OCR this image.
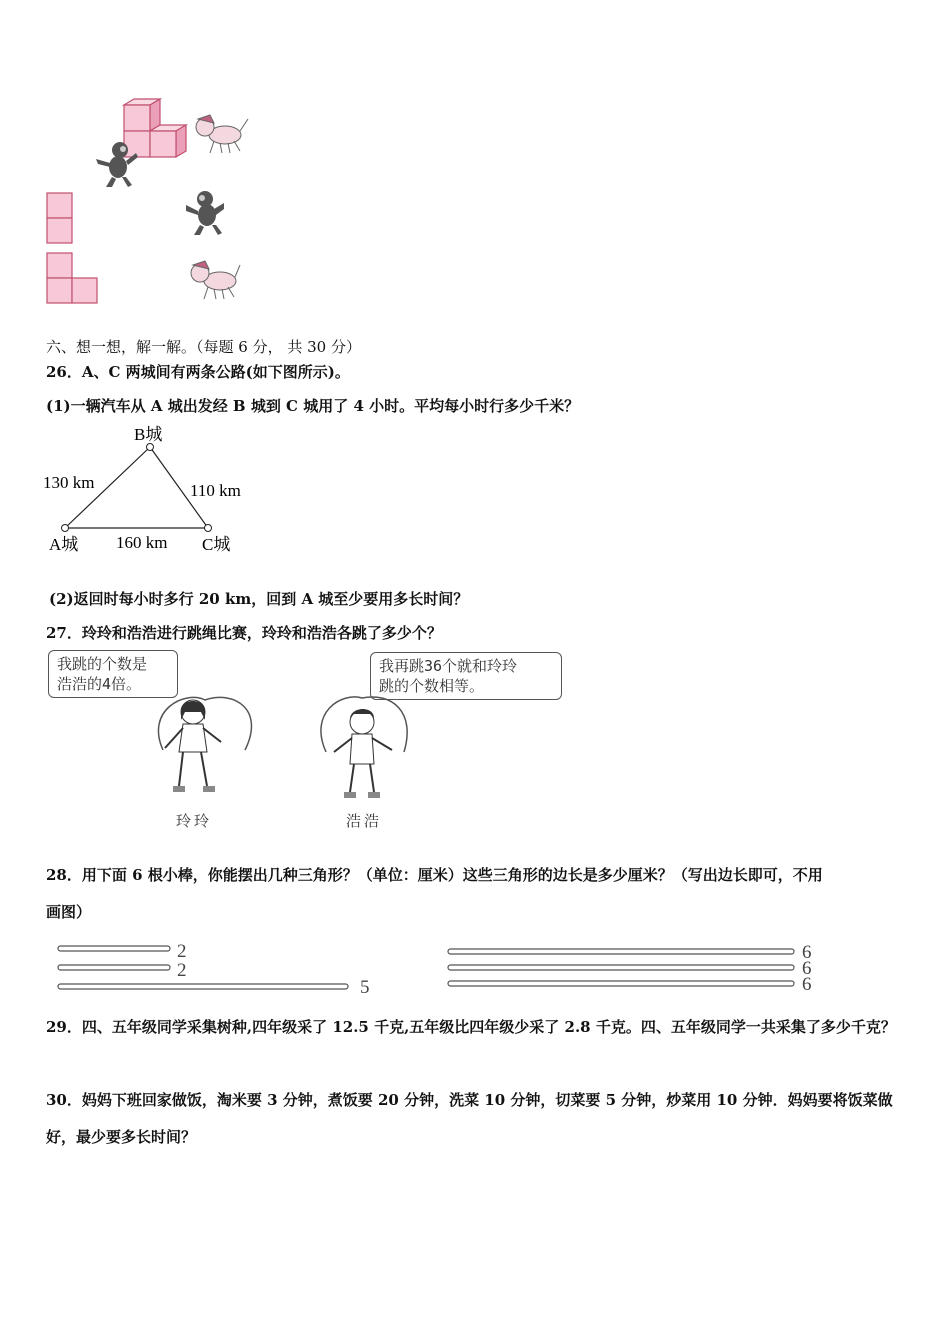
六、想一想，解一解。（每题 6 分， 共 30 分）
26．A、C 两城间有两条公路(如下图所示)。
(1)一辆汽车从 A 城出发经 B 城到 C 城用了 4 小时。平均每小时行多少千米？
B城
130 km	110 km
A城 160 km C城
(2)返回时每小时多行 20 km，回到 A 城至少要用多长时间？
27．玲玲和浩浩进行跳绳比赛，玲玲和浩浩各跳了多少个？
我跳的个数是
浩浩的4倍。
我再跳36个就和玲玲
跳的个数相等。
玲玲	浩浩
28．用下面 6 根小棒，你能摆出几种三角形？（单位：厘米）这些三角形的边长是多少厘米？（写出边长即可，不用
画图）
2
2
5
6
6
6
29．四、五年级同学采集树种,四年级采了 12.5 千克,五年级比四年级少采了 2.8 千克。四、五年级同学一共采集了多少千克？
30．妈妈下班回家做饭，淘米要 3 分钟，煮饭要 20 分钟，洗菜 10 分钟，切菜要 5 分钟，炒菜用 10 分钟．妈妈要将饭菜做好，最少要多长时间？
